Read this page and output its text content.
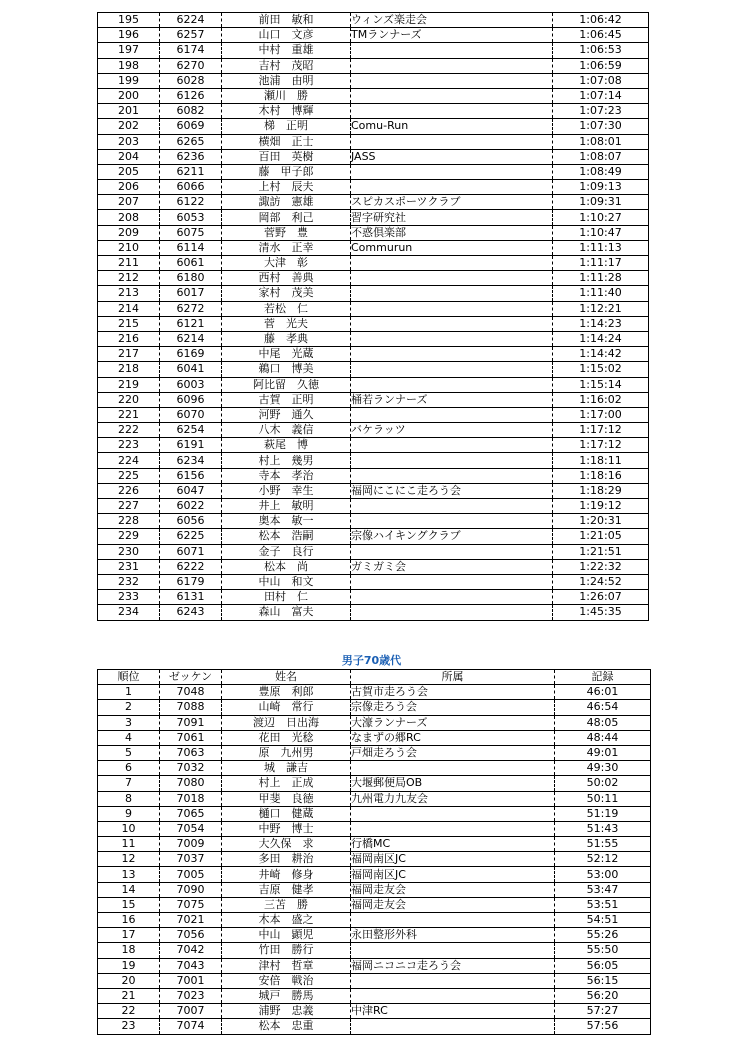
195	6224	前田　敏和	ウィンズ楽走会	1:06:42
196	6257	山口　文彦	TMランナーズ	1:06:45
197	6174	中村　重雄		1:06:53
198	6270	吉村　茂昭		1:06:59
199	6028	池浦　由明		1:07:08
200	6126	瀬川　勝		1:07:14
201	6082	木村　博輝		1:07:23
202	6069	梯　正明	Comu-Run	1:07:30
203	6265	横畑　正士		1:08:01
204	6236	百田　英樹	JASS	1:08:07
205	6211	藤　甲子郎		1:08:49
206	6066	上村　辰夫		1:09:13
207	6122	諏訪　憲雄	スピカスポーツクラブ	1:09:31
208	6053	岡部　利己	習字研究社	1:10:27
209	6075	菅野　豊	不惑倶楽部	1:10:47
210	6114	清水　正幸	Commurun	1:11:13
211	6061	大津　彰		1:11:17
212	6180	西村　善典		1:11:28
213	6017	家村　茂美		1:11:40
214	6272	若松　仁		1:12:21
215	6121	菅　光夫		1:14:23
216	6214	藤　孝典		1:14:24
217	6169	中尾　光蔵		1:14:42
218	6041	鵜口　博美		1:15:02
219	6003	阿比留　久徳		1:15:14
220	6096	古賀　正明	桶若ランナーズ	1:16:02
221	6070	河野　通久		1:17:00
222	6254	八木　義信	バケラッツ	1:17:12
223	6191	萩尾　博		1:17:12
224	6234	村上　幾男		1:18:11
225	6156	寺本　孝治		1:18:16
226	6047	小野　幸生	福岡にこにこ走ろう会	1:18:29
227	6022	井上　敏明		1:19:12
228	6056	奥本　敏一		1:20:31
229	6225	松本　浩嗣	宗像ハイキングクラブ	1:21:05
230	6071	金子　良行		1:21:51
231	6222	松本　尚	ガミガミ会	1:22:32
232	6179	中山　和文		1:24:52
233	6131	田村　仁		1:26:07
234	6243	森山　富夫		1:45:35
男子70歳代
順位	ゼッケン	姓名	所属	記録
1	7048	豊原　利郎	古賀市走ろう会	46:01
2	7088	山崎　常行	宗像走ろう会	46:54
3	7091	渡辺　日出海	大濠ランナーズ	48:05
4	7061	花田　光稔	なまずの郷RC	48:44
5	7063	原　九州男	戸畑走ろう会	49:01
6	7032	城　謙吉		49:30
7	7080	村上　正成	大堰郵便局OB	50:02
8	7018	甲斐　良徳	九州電力九友会	50:11
9	7065	樋口　健蔵		51:19
10	7054	中野　博士		51:43
11	7009	大久保　求	行橋MC	51:55
12	7037	多田　耕治	福岡南区JC	52:12
13	7005	井崎　修身	福岡南区JC	53:00
14	7090	吉原　健孝	福岡走友会	53:47
15	7075	三苫　勝	福岡走友会	53:51
16	7021	木本　盛之		54:51
17	7056	中山　顕児	永田整形外科	55:26
18	7042	竹田　勝行		55:50
19	7043	津村　哲章	福岡ニコニコ走ろう会	56:05
20	7001	安倍　戦治		56:15
21	7023	城戸　勝馬		56:20
22	7007	浦野　忠義	中津RC	57:27
23	7074	松本　忠重		57:56
